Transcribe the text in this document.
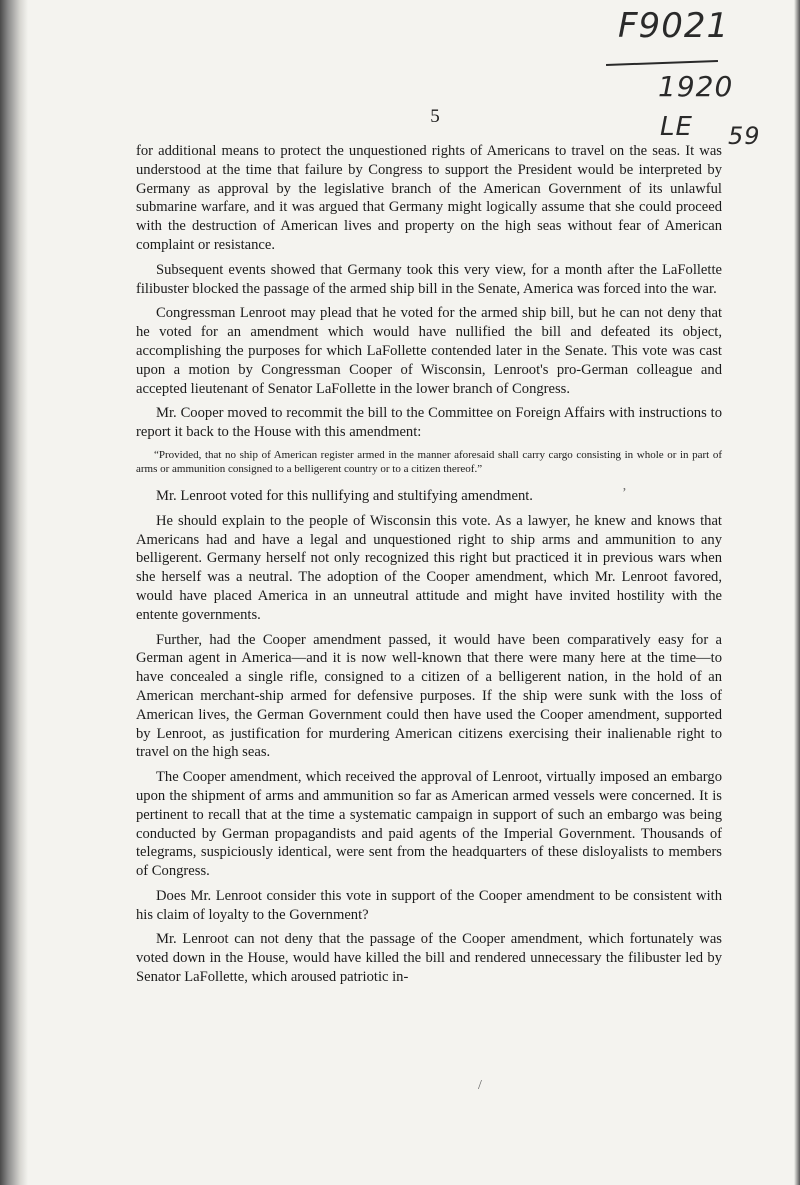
F9021
1920
LE 59
5

for additional means to protect the unquestioned rights of Americans to travel on the seas. It was understood at the time that failure by Congress to support the President would be interpreted by Germany as approval by the legislative branch of the American Government of its unlawful submarine warfare, and it was argued that Germany might logically assume that she could proceed with the destruction of American lives and property on the high seas without fear of American complaint or resistance.

Subsequent events showed that Germany took this very view, for a month after the LaFollette filibuster blocked the passage of the armed ship bill in the Senate, America was forced into the war.

Congressman Lenroot may plead that he voted for the armed ship bill, but he can not deny that he voted for an amendment which would have nullified the bill and defeated its object, accomplishing the purposes for which LaFollette contended later in the Senate. This vote was cast upon a motion by Congressman Cooper of Wisconsin, Lenroot's pro-German colleague and accepted lieutenant of Senator LaFollette in the lower branch of Congress.

Mr. Cooper moved to recommit the bill to the Committee on Foreign Affairs with instructions to report it back to the House with this amendment:

“Provided, that no ship of American register armed in the manner aforesaid shall carry cargo consisting in whole or in part of arms or ammunition consigned to a belligerent country or to a citizen thereof.”

Mr. Lenroot voted for this nullifying and stultifying amendment.

He should explain to the people of Wisconsin this vote. As a lawyer, he knew and knows that Americans had and have a legal and unquestioned right to ship arms and ammunition to any belligerent. Germany herself not only recognized this right but practiced it in previous wars when she herself was a neutral. The adoption of the Cooper amendment, which Mr. Lenroot favored, would have placed America in an unneutral attitude and might have invited hostility with the entente governments.

Further, had the Cooper amendment passed, it would have been comparatively easy for a German agent in America—and it is now well-known that there were many here at the time—to have concealed a single rifle, consigned to a citizen of a belligerent nation, in the hold of an American merchant-ship armed for defensive purposes. If the ship were sunk with the loss of American lives, the German Government could then have used the Cooper amendment, supported by Lenroot, as justification for murdering American citizens exercising their inalienable right to travel on the high seas.

The Cooper amendment, which received the approval of Lenroot, virtually imposed an embargo upon the shipment of arms and ammunition so far as American armed vessels were concerned. It is pertinent to recall that at the time a systematic campaign in support of such an embargo was being conducted by German propagandists and paid agents of the Imperial Government. Thousands of telegrams, suspiciously identical, were sent from the headquarters of these disloyalists to members of Congress.

Does Mr. Lenroot consider this vote in support of the Cooper amendment to be consistent with his claim of loyalty to the Government?

Mr. Lenroot can not deny that the passage of the Cooper amendment, which fortunately was voted down in the House, would have killed the bill and rendered unnecessary the filibuster led by Senator LaFollette, which aroused patriotic in-

’
/
